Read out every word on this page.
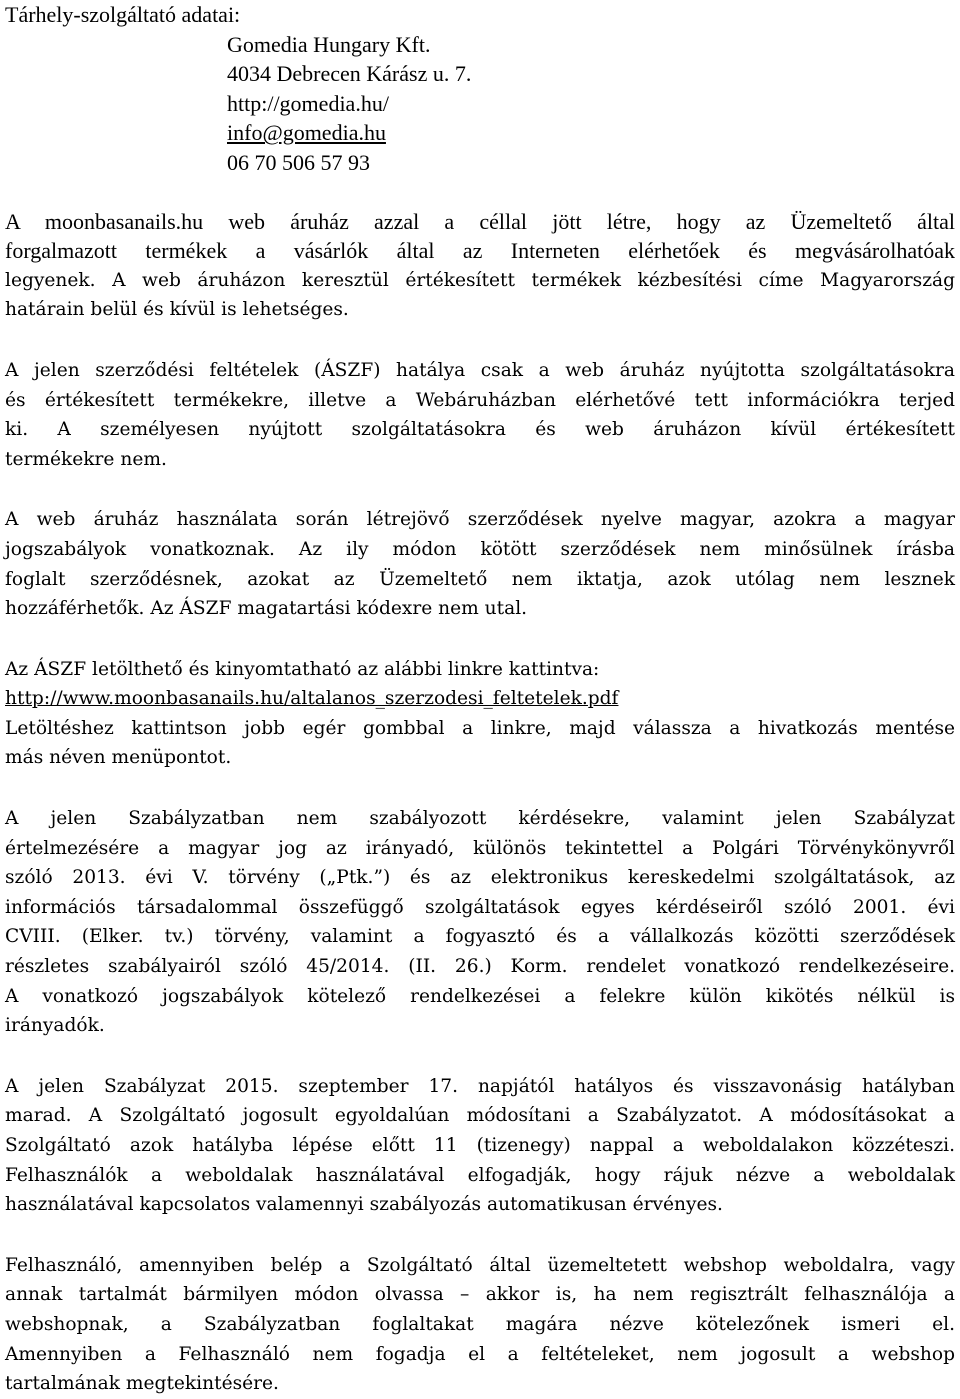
Tárhely-szolgáltató adatai:
Gomedia Hungary Kft.
4034 Debrecen Kárász u. 7.
http://gomedia.hu/
info@gomedia.hu
06 70 506 57 93
A moonbasanails.hu web áruház azzal a céllal jött létre, hogy az Üzemeltető által
forgalmazott termékek a vásárlók által az Interneten elérhetőek és megvásárolhatóak
legyenek. A web áruházon keresztül értékesített termékek kézbesítési címe Magyarország
határain belül és kívül is lehetséges.
A jelen szerződési feltételek (ÁSZF) hatálya csak a web áruház nyújtotta szolgáltatásokra
és értékesített termékekre, illetve a Webáruházban elérhetővé tett információkra terjed
ki. A személyesen nyújtott szolgáltatásokra és web áruházon kívül értékesített
termékekre nem.
A web áruház használata során létrejövő szerződések nyelve magyar, azokra a magyar
jogszabályok vonatkoznak. Az ily módon kötött szerződések nem minősülnek írásba
foglalt szerződésnek, azokat az Üzemeltető nem iktatja, azok utólag nem lesznek
hozzáférhetők. Az ÁSZF magatartási kódexre nem utal.
Az ÁSZF letölthető és kinyomtatható az alábbi linkre kattintva:
http://www.moonbasanails.hu/altalanos_szerzodesi_feltetelek.pdf
Letöltéshez kattintson jobb egér gombbal a linkre, majd válassza a hivatkozás mentése
más néven menüpontot.
A jelen Szabályzatban nem szabályozott kérdésekre, valamint jelen Szabályzat
értelmezésére a magyar jog az irányadó, különös tekintettel a Polgári Törvénykönyvről
szóló 2013. évi V. törvény („Ptk.”) és az elektronikus kereskedelmi szolgáltatások, az
információs társadalommal összefüggő szolgáltatások egyes kérdéseiről szóló 2001. évi
CVIII. (Elker. tv.) törvény, valamint a fogyasztó és a vállalkozás közötti szerződések
részletes szabályairól szóló 45/2014. (II. 26.) Korm. rendelet vonatkozó rendelkezéseire.
A vonatkozó jogszabályok kötelező rendelkezései a felekre külön kikötés nélkül is
irányadók.
A jelen Szabályzat 2015. szeptember 17. napjától hatályos és visszavonásig hatályban
marad. A Szolgáltató jogosult egyoldalúan módosítani a Szabályzatot. A módosításokat a
Szolgáltató azok hatályba lépése előtt 11 (tizenegy) nappal a weboldalakon közzéteszi.
Felhasználók a weboldalak használatával elfogadják, hogy rájuk nézve a weboldalak
használatával kapcsolatos valamennyi szabályozás automatikusan érvényes.
Felhasználó, amennyiben belép a Szolgáltató által üzemeltetett webshop weboldalra, vagy
annak tartalmát bármilyen módon olvassa – akkor is, ha nem regisztrált felhasználója a
webshopnak, a Szabályzatban foglaltakat magára nézve kötelezőnek ismeri el.
Amennyiben a Felhasználó nem fogadja el a feltételeket, nem jogosult a webshop
tartalmának megtekintésére.
